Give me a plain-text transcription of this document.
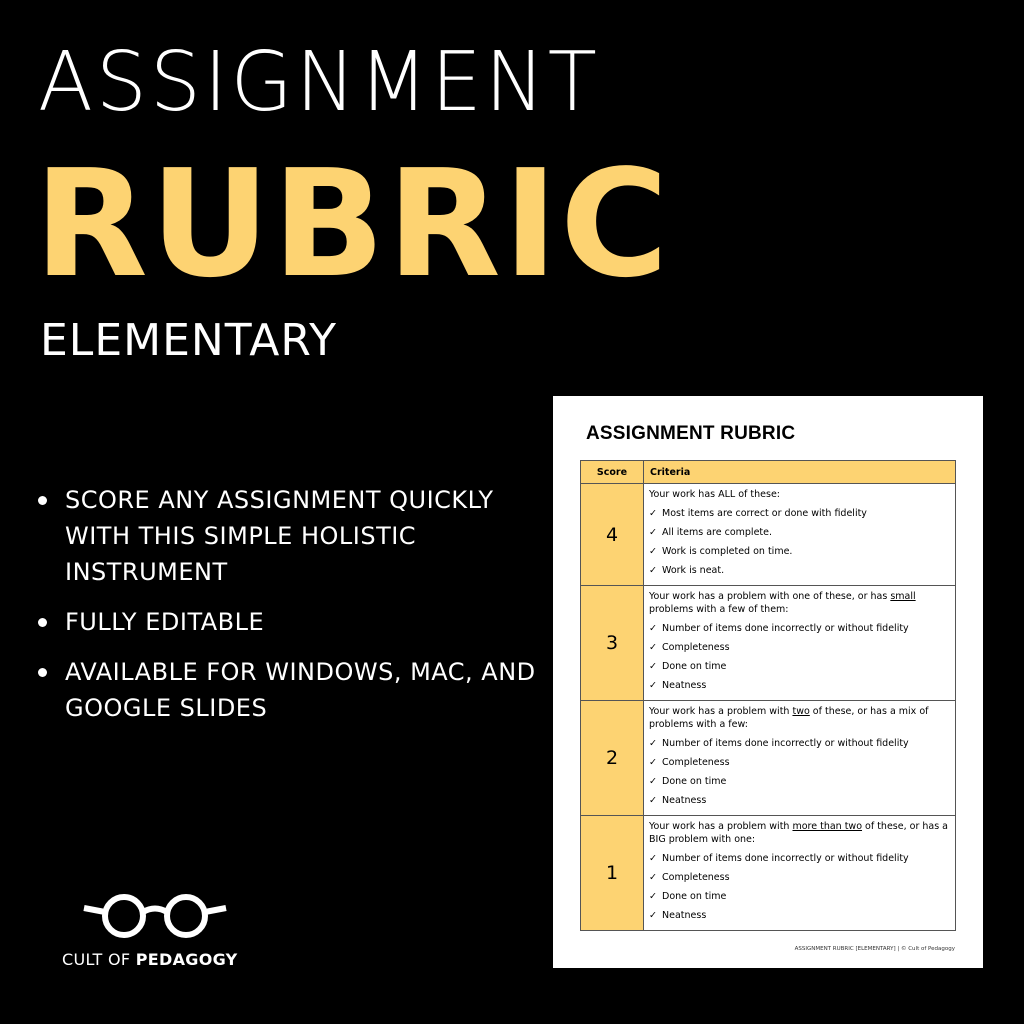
ASSIGNMENT
RUBRIC
ELEMENTARY
SCORE ANY ASSIGNMENT QUICKLY WITH THIS SIMPLE HOLISTIC INSTRUMENT
FULLY EDITABLE
AVAILABLE FOR WINDOWS, MAC, AND GOOGLE SLIDES
CULT OF PEDAGOGY
ASSIGNMENT RUBRIC
Score	Criteria
4	Your work has ALL of these:
✓ Most items are correct or done with fidelity
✓ All items are complete.
✓ Work is completed on time.
✓ Work is neat.

3	Your work has a problem with one of these, or has small problems with a few of them:
✓ Number of items done incorrectly or without fidelity
✓ Completeness
✓ Done on time
✓ Neatness

2	Your work has a problem with two of these, or has a mix of problems with a few:
✓ Number of items done incorrectly or without fidelity
✓ Completeness
✓ Done on time
✓ Neatness

1	Your work has a problem with more than two of these, or has a BIG problem with one:
✓ Number of items done incorrectly or without fidelity
✓ Completeness
✓ Done on time
✓ Neatness
ASSIGNMENT RUBRIC [ELEMENTARY] | © Cult of Pedagogy
